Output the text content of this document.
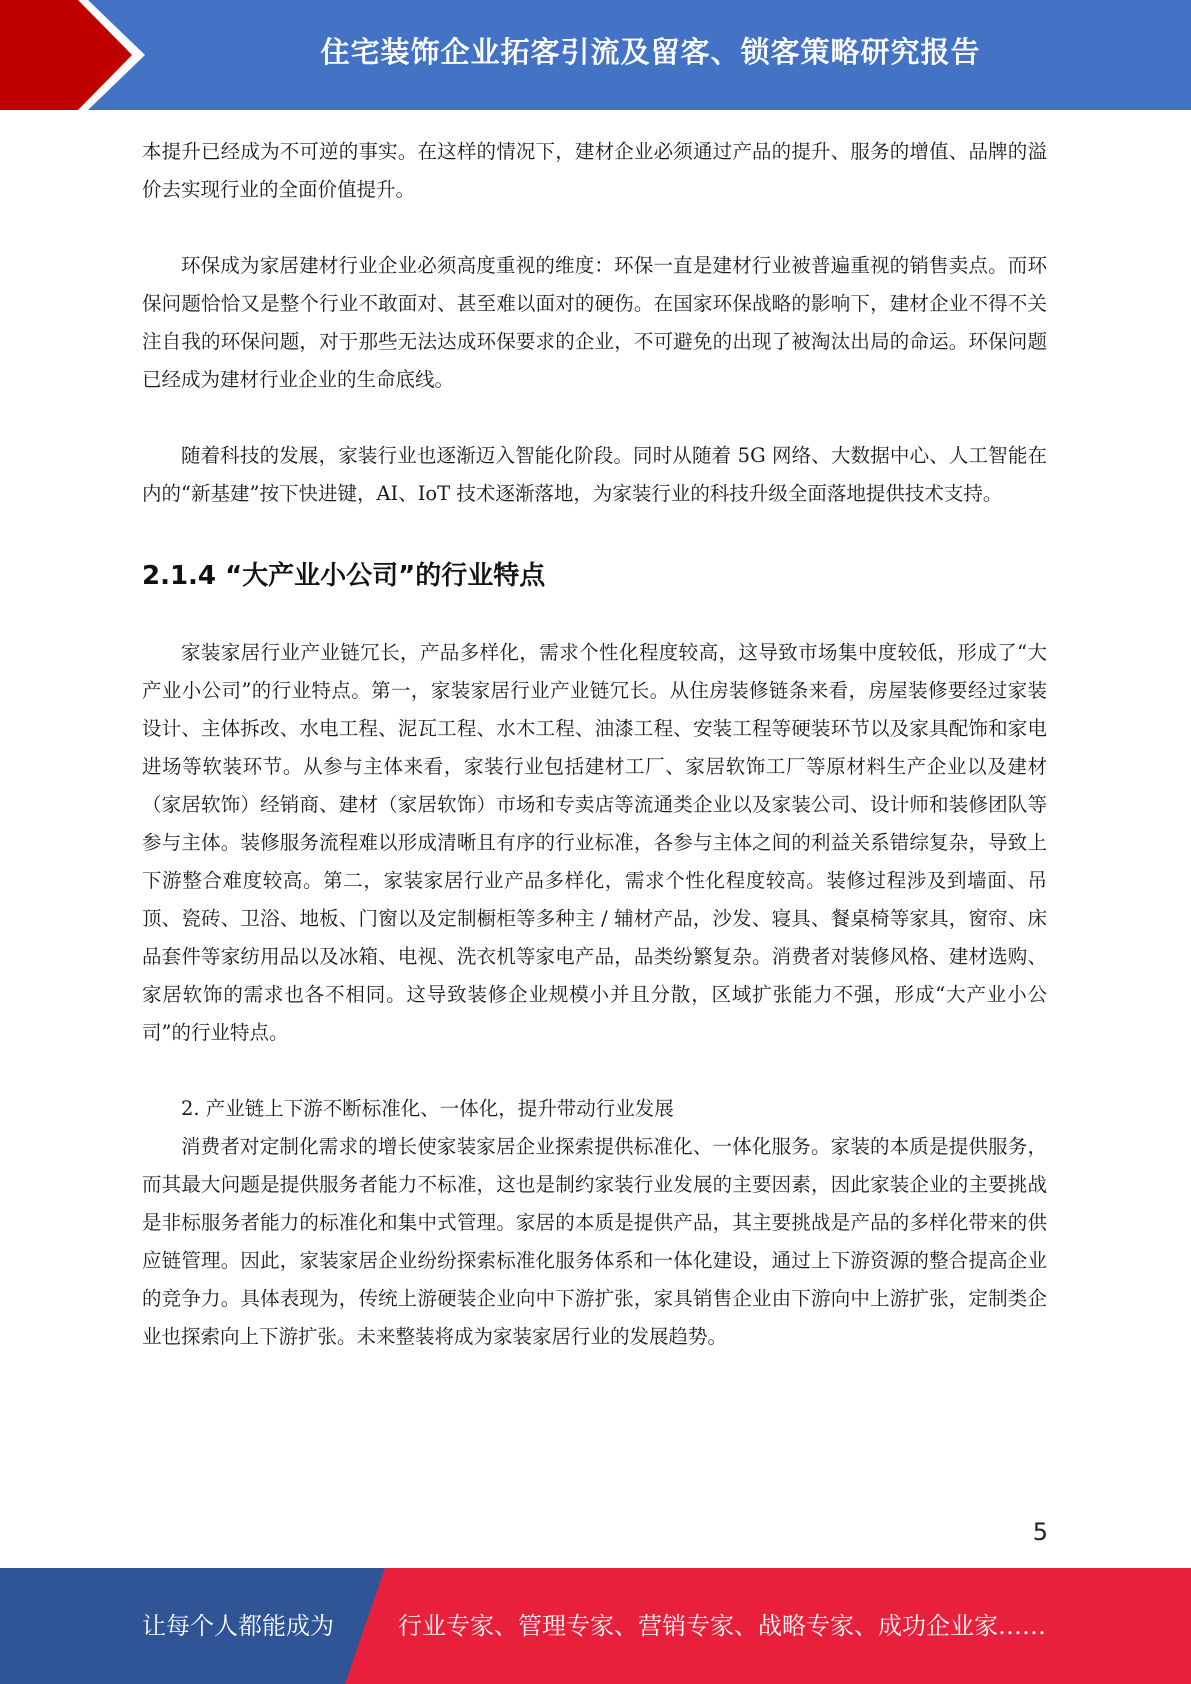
住宅装饰企业拓客引流及留客、锁客策略研究报告

本提升已经成为不可逆的事实。在这样的情况下，建材企业必须通过产品的提升、服务的增值、品牌的溢价去实现行业的全面价值提升。

环保成为家居建材行业企业必须高度重视的维度：环保一直是建材行业被普遍重视的销售卖点。而环保问题恰恰又是整个行业不敢面对、甚至难以面对的硬伤。在国家环保战略的影响下，建材企业不得不关注自我的环保问题，对于那些无法达成环保要求的企业，不可避免的出现了被淘汰出局的命运。环保问题已经成为建材行业企业的生命底线。

随着科技的发展，家装行业也逐渐迈入智能化阶段。同时从随着 5G 网络、大数据中心、人工智能在内的“新基建”按下快进键，AI、IoT 技术逐渐落地，为家装行业的科技升级全面落地提供技术支持。

2.1.4 “大产业小公司”的行业特点

家装家居行业产业链冗长，产品多样化，需求个性化程度较高，这导致市场集中度较低，形成了“大产业小公司”的行业特点。第一，家装家居行业产业链冗长。从住房装修链条来看，房屋装修要经过家装设计、主体拆改、水电工程、泥瓦工程、水木工程、油漆工程、安装工程等硬装环节以及家具配饰和家电进场等软装环节。从参与主体来看，家装行业包括建材工厂、家居软饰工厂等原材料生产企业以及建材（家居软饰）经销商、建材（家居软饰）市场和专卖店等流通类企业以及家装公司、设计师和装修团队等参与主体。装修服务流程难以形成清晰且有序的行业标准，各参与主体之间的利益关系错综复杂，导致上下游整合难度较高。第二，家装家居行业产品多样化，需求个性化程度较高。装修过程涉及到墙面、吊顶、瓷砖、卫浴、地板、门窗以及定制橱柜等多种主 / 辅材产品，沙发、寝具、餐桌椅等家具，窗帘、床品套件等家纺用品以及冰箱、电视、洗衣机等家电产品，品类纷繁复杂。消费者对装修风格、建材选购、家居软饰的需求也各不相同。这导致装修企业规模小并且分散，区域扩张能力不强，形成“大产业小公司”的行业特点。

2. 产业链上下游不断标准化、一体化，提升带动行业发展

消费者对定制化需求的增长使家装家居企业探索提供标准化、一体化服务。家装的本质是提供服务，而其最大问题是提供服务者能力不标准，这也是制约家装行业发展的主要因素，因此家装企业的主要挑战是非标服务者能力的标准化和集中式管理。家居的本质是提供产品，其主要挑战是产品的多样化带来的供应链管理。因此，家装家居企业纷纷探索标准化服务体系和一体化建设，通过上下游资源的整合提高企业的竞争力。具体表现为，传统上游硬装企业向中下游扩张，家具销售企业由下游向中上游扩张，定制类企业也探索向上下游扩张。未来整装将成为家装家居行业的发展趋势。

5
让每个人都能成为	行业专家、管理专家、营销专家、战略专家、成功企业家……
